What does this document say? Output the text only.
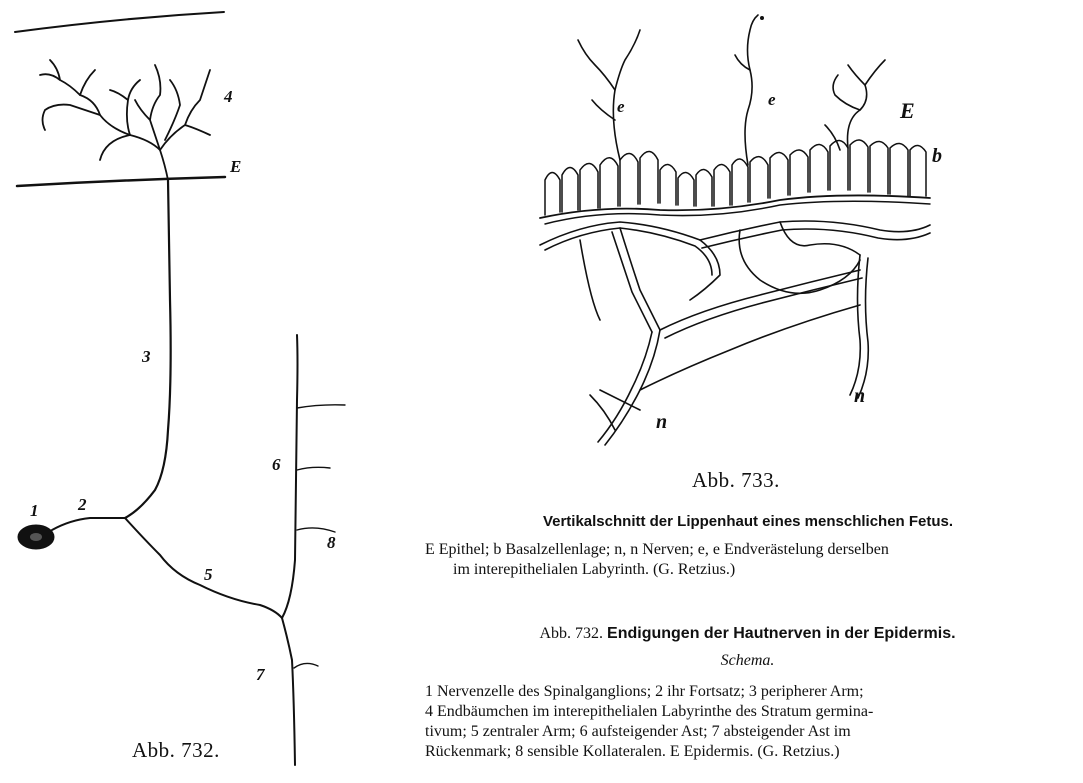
1 2
3
4
5
6
7
8
E
Abb. 732.
e	e	E
b
n
n
Abb. 733.
Vertikalschnitt der Lippenhaut eines menschlichen Fetus.
E Epithel; b Basalzellenlage; n, n Nerven; e, e Endverästelung derselben
im interepithelialen Labyrinth. (G. Retzius.)
Abb. 732. Endigungen der Hautnerven in der Epidermis.
Schema.
1 Nervenzelle des Spinalganglions; 2 ihr Fortsatz; 3 peripherer Arm;
4 Endbäumchen im interepithelialen Labyrinthe des Stratum germina-
tivum; 5 zentraler Arm; 6 aufsteigender Ast; 7 absteigender Ast im
Rückenmark; 8 sensible Kollateralen. E Epidermis. (G. Retzius.)
